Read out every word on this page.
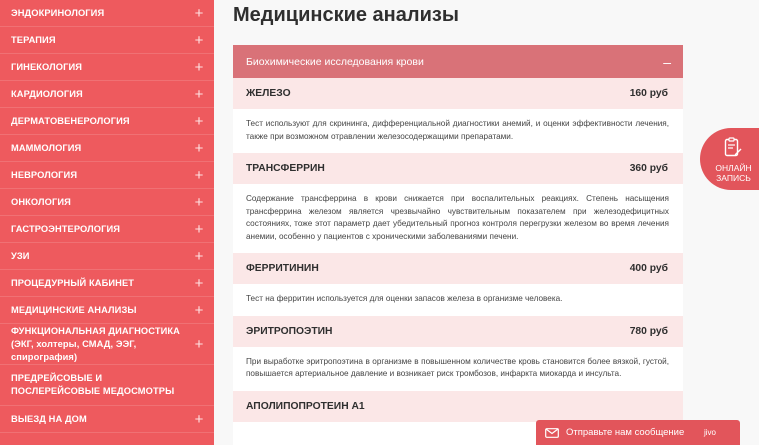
ЭНДОКРИНОЛОГИЯ	+
ТЕРАПИЯ	+
ГИНЕКОЛОГИЯ	+
КАРДИОЛОГИЯ	+
ДЕРМАТОВЕНЕРОЛОГИЯ	+
МАММОЛОГИЯ	+
НЕВРОЛОГИЯ	+
ОНКОЛОГИЯ	+
ГАСТРОЭНТЕРОЛОГИЯ	+
УЗИ	+
ПРОЦЕДУРНЫЙ КАБИНЕТ	+
МЕДИЦИНСКИЕ АНАЛИЗЫ	+
ФУНКЦИОНАЛЬНАЯ ДИАГНОСТИКА (ЭКГ, холтеры, СМАД, ЭЭГ, спирография)
+
ПРЕДРЕЙСОВЫЕ И ПОСЛЕРЕЙСОВЫЕ МЕДОСМОТРЫ
ВЫЕЗД НА ДОМ	+
Медицинские анализы
Биохимические исследования крови	–
ЖЕЛЕЗО	160 руб

Тест используют для скрининга, дифференциальной диагностики анемий, и оценки эффективности лечения, также при возможном отравлении железосодержащими препаратами.

ТРАНСФЕРРИН	360 руб

Содержание трансферрина в крови снижается при воспалительных реакциях. Степень насыщения трансферрина железом является чрезвычайно чувствительным показателем при железодефицитных состояниях, тоже этот параметр дает убедительный прогноз контроля перегрузки железом во время лечения анемии, особенно у пациентов с хроническими заболеваниями печени.

ФЕРРИТИНИН	400 руб

Тест на ферритин используется для оценки запасов железа в организме человека.

ЭРИТРОПОЭТИН	780 руб

При выработке эритропоэтина в организме в повышенном количестве кровь становится более вязкой, густой, повышается артериальное давление и возникает риск тромбозов, инфаркта миокарда и инсульта.

АПОЛИПОПРОТЕИН А1
ОНЛАЙН ЗАПИСЬ
Отправьте нам сообщение jivo
